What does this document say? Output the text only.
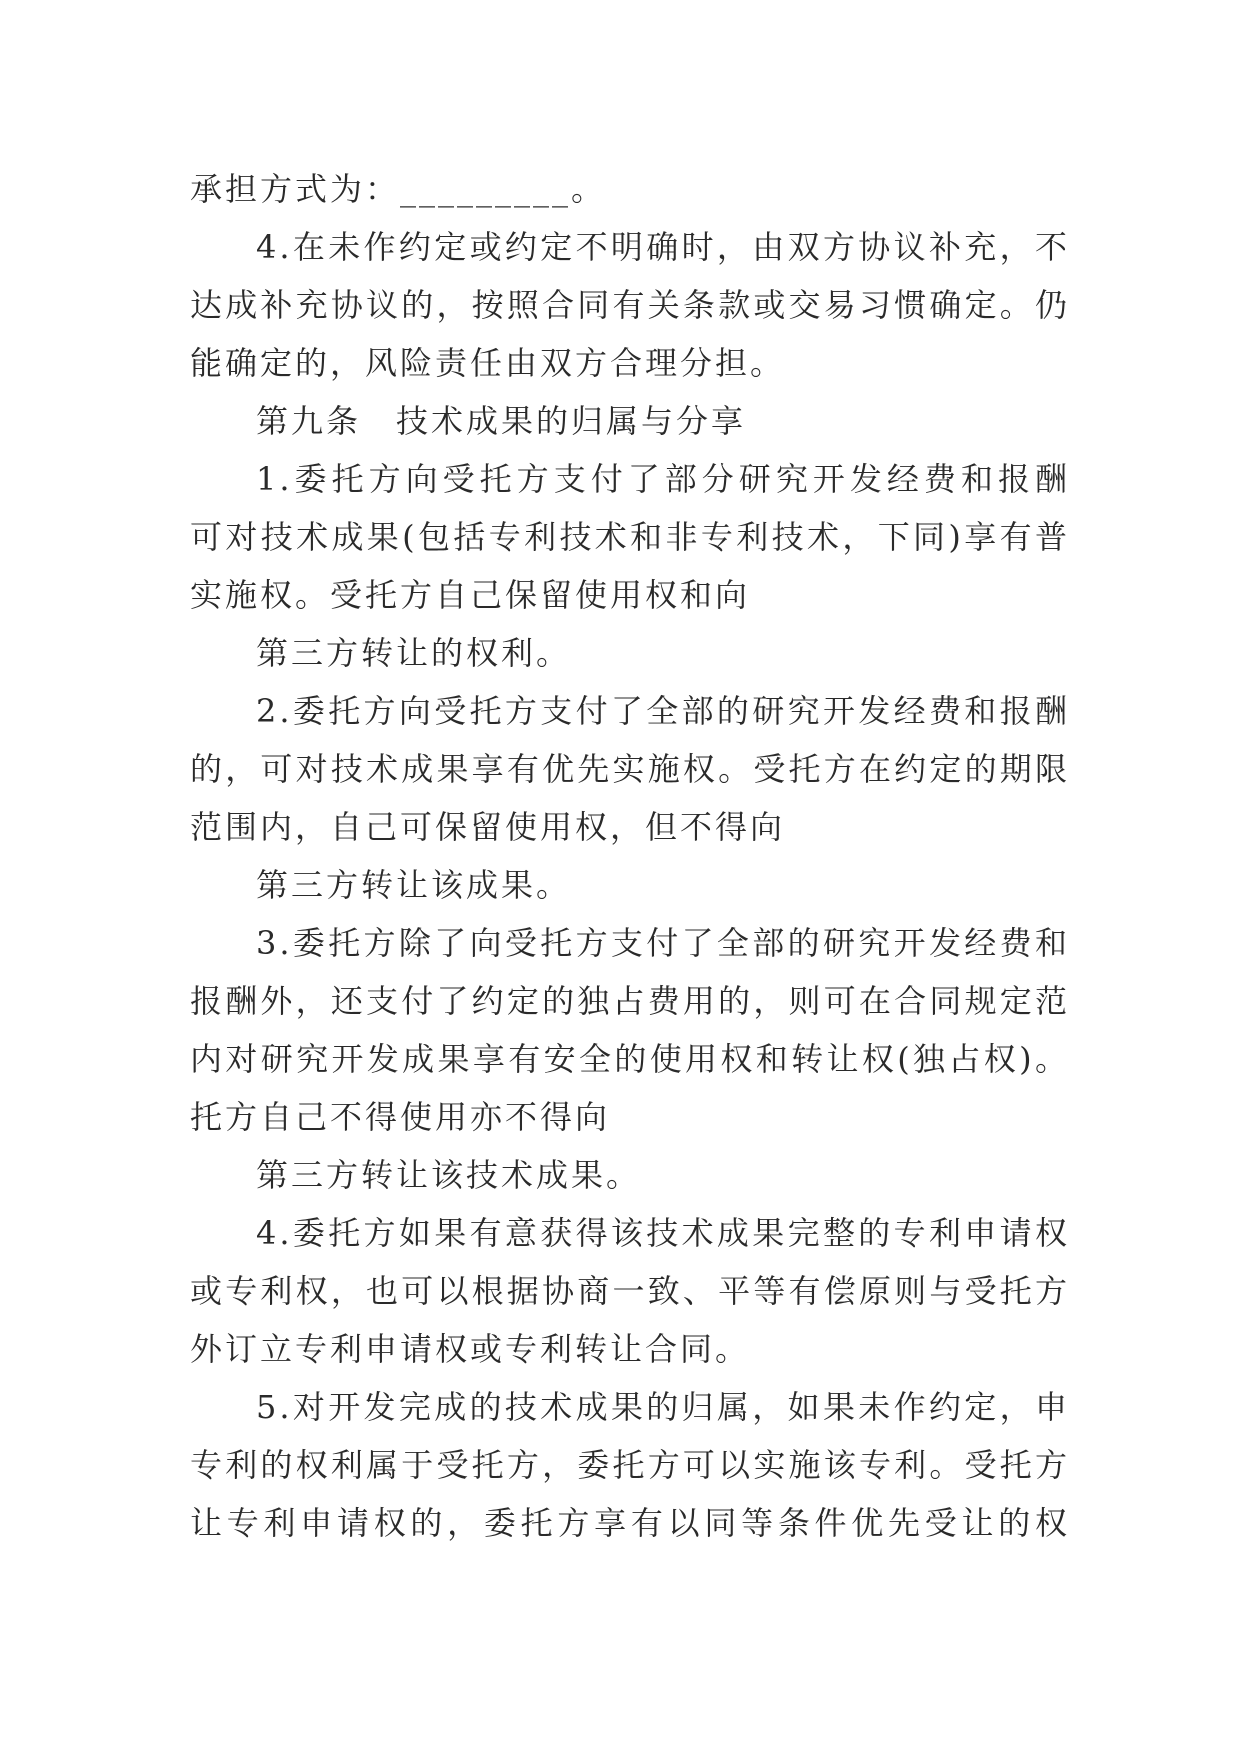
承担方式为：_________。
4.在未作约定或约定不明确时，由双方协议补充，不
达成补充协议的，按照合同有关条款或交易习惯确定。仍
能确定的，风险责任由双方合理分担。
第九条　技术成果的归属与分享
1.委托方向受托方支付了部分研究开发经费和报酬
可对技术成果(包括专利技术和非专利技术，下同)享有普
实施权。受托方自己保留使用权和向
第三方转让的权利。
2.委托方向受托方支付了全部的研究开发经费和报酬
的，可对技术成果享有优先实施权。受托方在约定的期限
范围内，自己可保留使用权，但不得向
第三方转让该成果。
3.委托方除了向受托方支付了全部的研究开发经费和
报酬外，还支付了约定的独占费用的，则可在合同规定范
内对研究开发成果享有安全的使用权和转让权(独占权)。
托方自己不得使用亦不得向
第三方转让该技术成果。
4.委托方如果有意获得该技术成果完整的专利申请权
或专利权，也可以根据协商一致、平等有偿原则与受托方
外订立专利申请权或专利转让合同。
5.对开发完成的技术成果的归属，如果未作约定，申
专利的权利属于受托方，委托方可以实施该专利。受托方
让专利申请权的，委托方享有以同等条件优先受让的权
